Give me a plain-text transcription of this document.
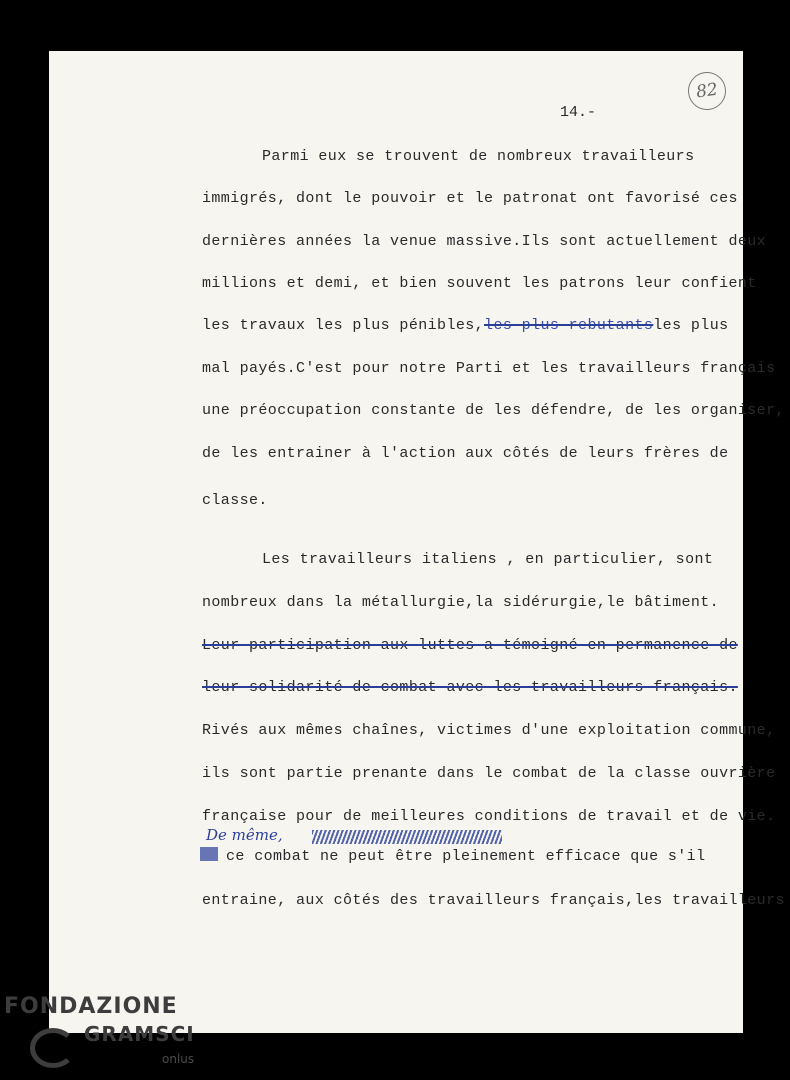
82
14.-
Parmi eux se trouvent de nombreux travailleurs
immigrés, dont le pouvoir et le patronat ont favorisé ces
dernières années la venue massive.Ils sont actuellement deux
millions et demi, et bien souvent les patrons leur confient
les travaux les plus pénibles,les plus rebutantsles plus
mal payés.C'est pour notre Parti et les travailleurs français
une préoccupation constante de les défendre, de les organiser,
de les entrainer à l'action aux côtés de leurs frères de
classe.
Les travailleurs italiens , en particulier, sont
nombreux dans la métallurgie,la sidérurgie,le bâtiment.
Leur participation aux luttes a témoigné en permanence de
leur solidarité de combat avec les travailleurs français.
Rivés aux mêmes chaînes, victimes d'une exploitation commune,
ils sont partie prenante dans le combat de la classe ouvrière
française pour de meilleures conditions de travail et de vie.
De même,
ce combat ne peut être pleinement efficace que s'il
entraine, aux côtés des travailleurs français,les travailleurs
FONDAZIONE
GRAMSCI
onlus
